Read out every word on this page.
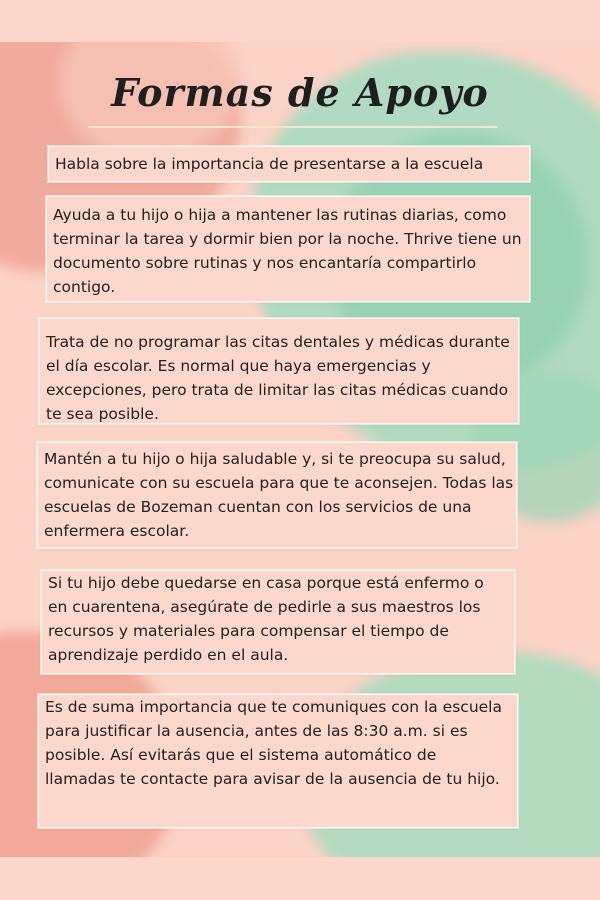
Formas de Apoyo

Habla sobre la importancia de presentarse a la escuela

Ayuda a tu hijo o hija a mantener las rutinas diarias, como terminar la tarea y dormir bien por la noche. Thrive tiene un documento sobre rutinas y nos encantaría compartirlo contigo.

Trata de no programar las citas dentales y médicas durante el día escolar. Es normal que haya emergencias y excepciones, pero trata de limitar las citas médicas cuando te sea posible.

Mantén a tu hijo o hija saludable y, si te preocupa su salud, comunicate con su escuela para que te aconsejen. Todas las escuelas de Bozeman cuentan con los servicios de una enfermera escolar.

Si tu hijo debe quedarse en casa porque está enfermo o en cuarentena, asegúrate de pedirle a sus maestros los recursos y materiales para compensar el tiempo de aprendizaje perdido en el aula.

Es de suma importancia que te comuniques con la escuela para justificar la ausencia, antes de las 8:30 a.m. si es posible. Así evitarás que el sistema automático de llamadas te contacte para avisar de la ausencia de tu hijo.
